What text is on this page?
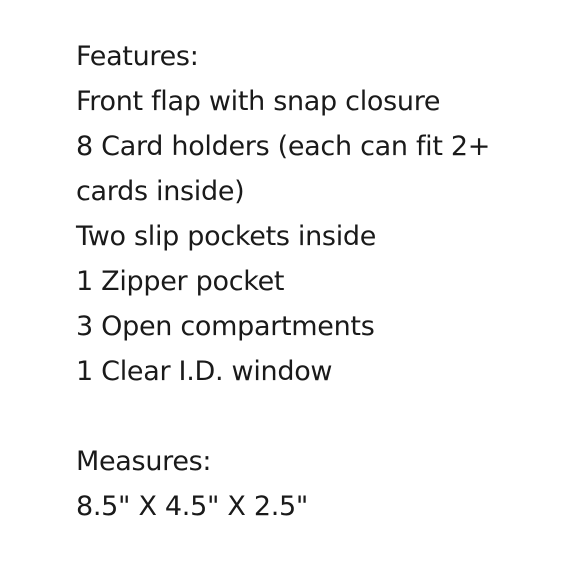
Features:
Front flap with snap closure
8 Card holders (each can fit 2+
cards inside)
Two slip pockets inside
1 Zipper pocket
3 Open compartments
1 Clear I.D. window
Measures:
8.5" X 4.5" X 2.5"
